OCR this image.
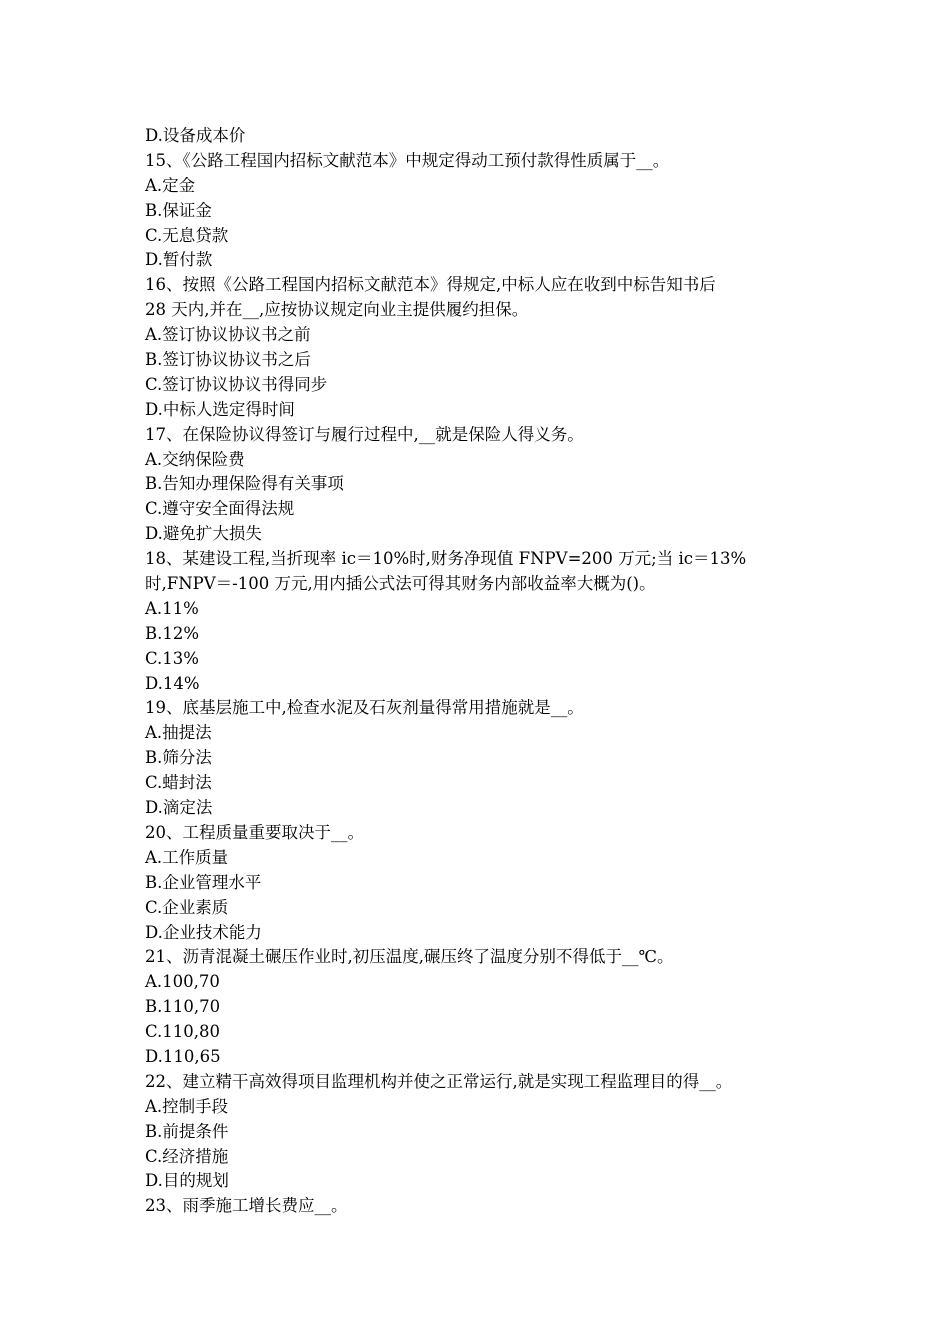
D.设备成本价
15、《公路工程国内招标文献范本》中规定得动工预付款得性质属于__。
A.定金
B.保证金
C.无息贷款
D.暂付款
16、按照《公路工程国内招标文献范本》得规定,中标人应在收到中标告知书后
28 天内,并在__,应按协议规定向业主提供履约担保。
A.签订协议协议书之前
B.签订协议协议书之后
C.签订协议协议书得同步
D.中标人选定得时间
17、在保险协议得签订与履行过程中,__就是保险人得义务。
A.交纳保险费
B.告知办理保险得有关事项
C.遵守安全面得法规
D.避免扩大损失
18、某建设工程,当折现率 ic＝10%时,财务净现值 FNPV=200 万元;当 ic＝13%
时,FNPV＝-100 万元,用内插公式法可得其财务内部收益率大概为()。
A.11%
B.12%
C.13%
D.14%
19、底基层施工中,检查水泥及石灰剂量得常用措施就是__。
A.抽提法
B.筛分法
C.蜡封法
D.滴定法
20、工程质量重要取决于__。
A.工作质量
B.企业管理水平
C.企业素质
D.企业技术能力
21、沥青混凝土碾压作业时,初压温度,碾压终了温度分别不得低于__℃。
A.100,70
B.110,70
C.110,80
D.110,65
22、建立精干高效得项目监理机构并使之正常运行,就是实现工程监理目的得__。
A.控制手段
B.前提条件
C.经济措施
D.目的规划
23、雨季施工增长费应__。
